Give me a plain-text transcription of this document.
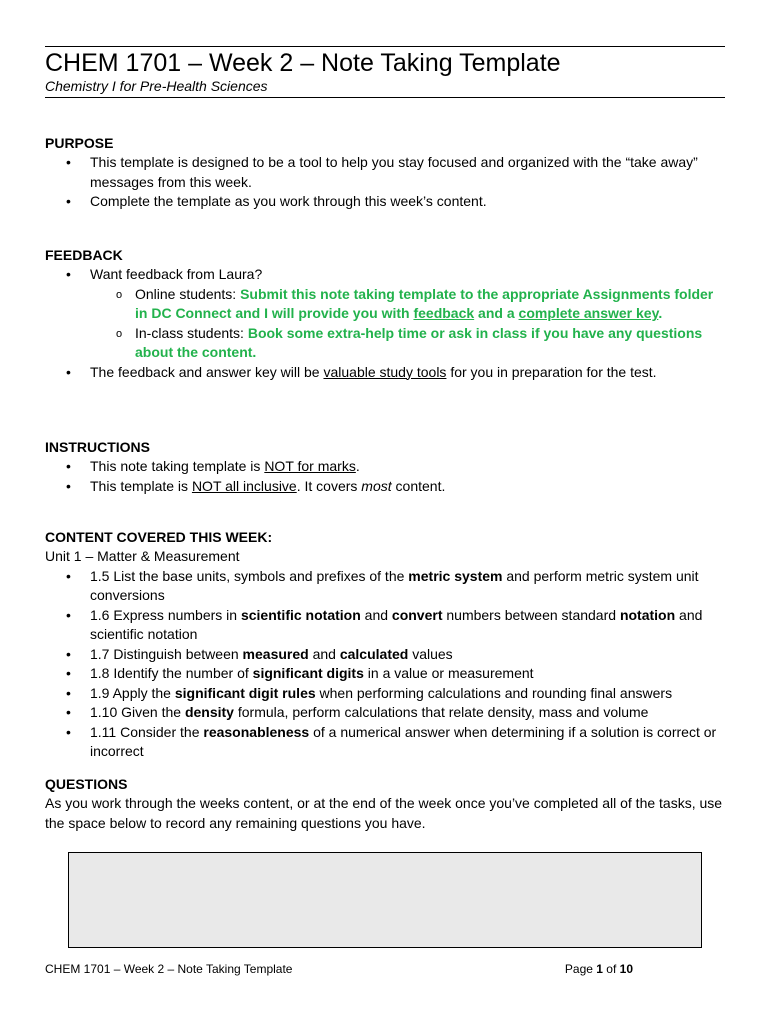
CHEM 1701 – Week 2 – Note Taking Template
Chemistry I for Pre-Health Sciences
PURPOSE
• This template is designed to be a tool to help you stay focused and organized with the “take away” messages from this week.
• Complete the template as you work through this week’s content.
FEEDBACK
• Want feedback from Laura?
o Online students: Submit this note taking template to the appropriate Assignments folder in DC Connect and I will provide you with feedback and a complete answer key.
o In-class students: Book some extra-help time or ask in class if you have any questions about the content.
• The feedback and answer key will be valuable study tools for you in preparation for the test.
INSTRUCTIONS
• This note taking template is NOT for marks.
• This template is NOT all inclusive. It covers most content.
CONTENT COVERED THIS WEEK:
Unit 1 – Matter & Measurement
• 1.5 List the base units, symbols and prefixes of the metric system and perform metric system unit conversions
• 1.6 Express numbers in scientific notation and convert numbers between standard notation and scientific notation
• 1.7 Distinguish between measured and calculated values
• 1.8 Identify the number of significant digits in a value or measurement
• 1.9 Apply the significant digit rules when performing calculations and rounding final answers
• 1.10 Given the density formula, perform calculations that relate density, mass and volume
• 1.11 Consider the reasonableness of a numerical answer when determining if a solution is correct or incorrect
QUESTIONS
As you work through the weeks content, or at the end of the week once you’ve completed all of the tasks, use the space below to record any remaining questions you have.
CHEM 1701 – Week 2 – Note Taking Template	Page 1 of 10
